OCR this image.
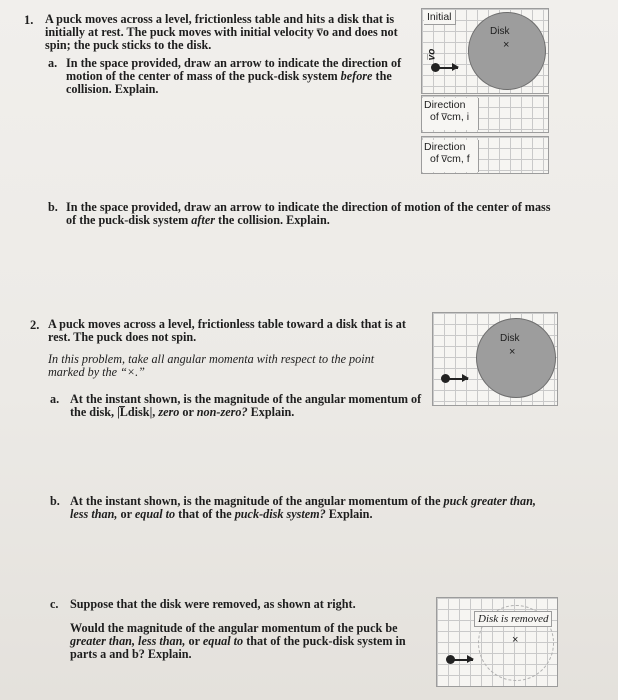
1. A puck moves across a level, frictionless table and hits a disk that is
initially at rest. The puck moves with initial velocity v̅o and does not
spin; the puck sticks to the disk.
a. In the space provided, draw an arrow to indicate the direction of
motion of the center of mass of the puck-disk system before the
collision. Explain.
Initial
Disk
×
v̅o
Direction
of v̅cm, i
Direction
of v̅cm, f
b. In the space provided, draw an arrow to indicate the direction of motion of the center of mass
of the puck-disk system after the collision. Explain.
2. A puck moves across a level, frictionless table toward a disk that is at
rest. The puck does not spin.
In this problem, take all angular momenta with respect to the point
marked by the “×.”
a. At the instant shown, is the magnitude of the angular momentum of
the disk, |L̅disk|, zero or non-zero? Explain.
Disk
×
b. At the instant shown, is the magnitude of the angular momentum of the puck greater than,
less than, or equal to that of the puck-disk system? Explain.
c. Suppose that the disk were removed, as shown at right.
Would the magnitude of the angular momentum of the puck be
greater than, less than, or equal to that of the puck-disk system in
parts a and b? Explain.
Disk is removed
×
